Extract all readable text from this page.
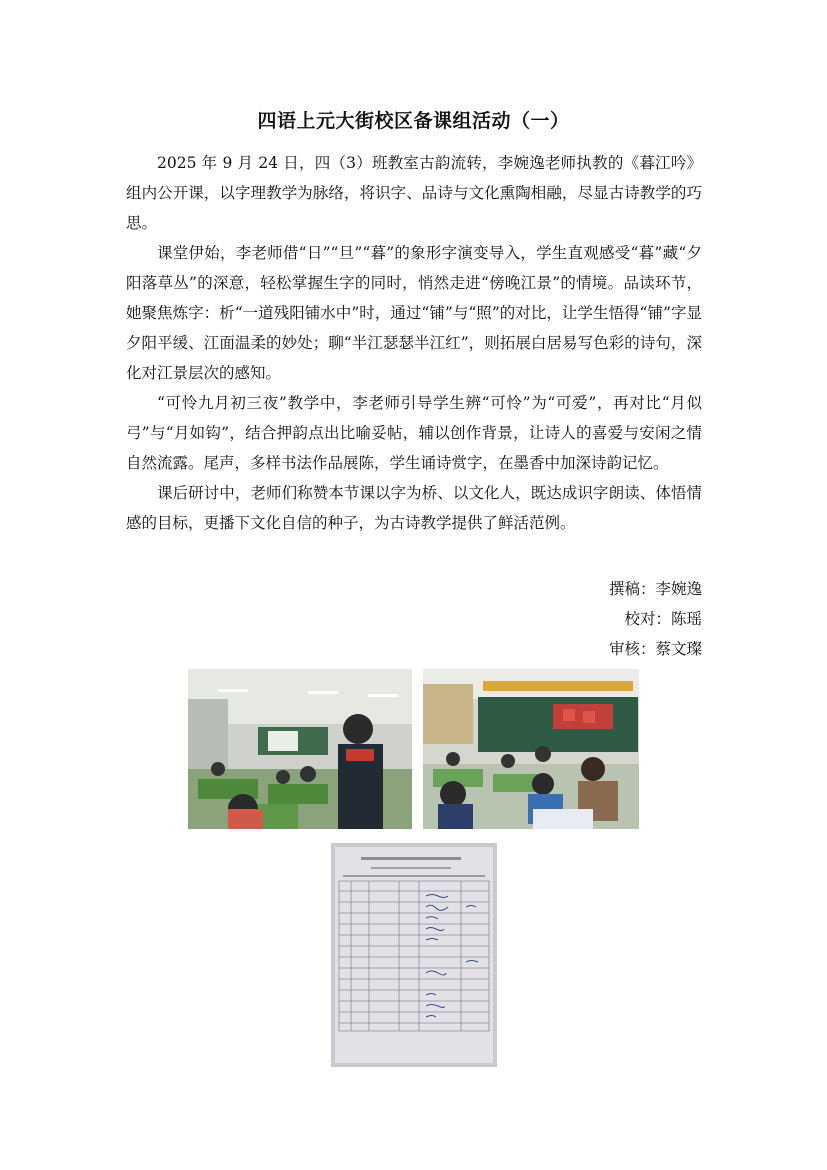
四语上元大街校区备课组活动（一）

2025 年 9 月 24 日，四（3）班教室古韵流转，李婉逸老师执教的《暮江吟》组内公开课，以字理教学为脉络，将识字、品诗与文化熏陶相融，尽显古诗教学的巧思。

课堂伊始，李老师借“日”“旦”“暮”的象形字演变导入，学生直观感受“暮”藏“夕阳落草丛”的深意，轻松掌握生字的同时，悄然走进“傍晚江景”的情境。品读环节，她聚焦炼字：析“一道残阳铺水中”时，通过“铺”与“照”的对比，让学生悟得“铺”字显夕阳平缓、江面温柔的妙处；聊“半江瑟瑟半江红”，则拓展白居易写色彩的诗句，深化对江景层次的感知。

“可怜九月初三夜”教学中，李老师引导学生辨“可怜”为“可爱”，再对比“月似弓”与“月如钩”，结合押韵点出比喻妥帖，辅以创作背景，让诗人的喜爱与安闲之情自然流露。尾声，多样书法作品展陈，学生诵诗赏字，在墨香中加深诗韵记忆。

课后研讨中，老师们称赞本节课以字为桥、以文化人，既达成识字朗读、体悟情感的目标，更播下文化自信的种子，为古诗教学提供了鲜活范例。

撰稿：李婉逸
校对：陈瑶
审核：蔡文璨
